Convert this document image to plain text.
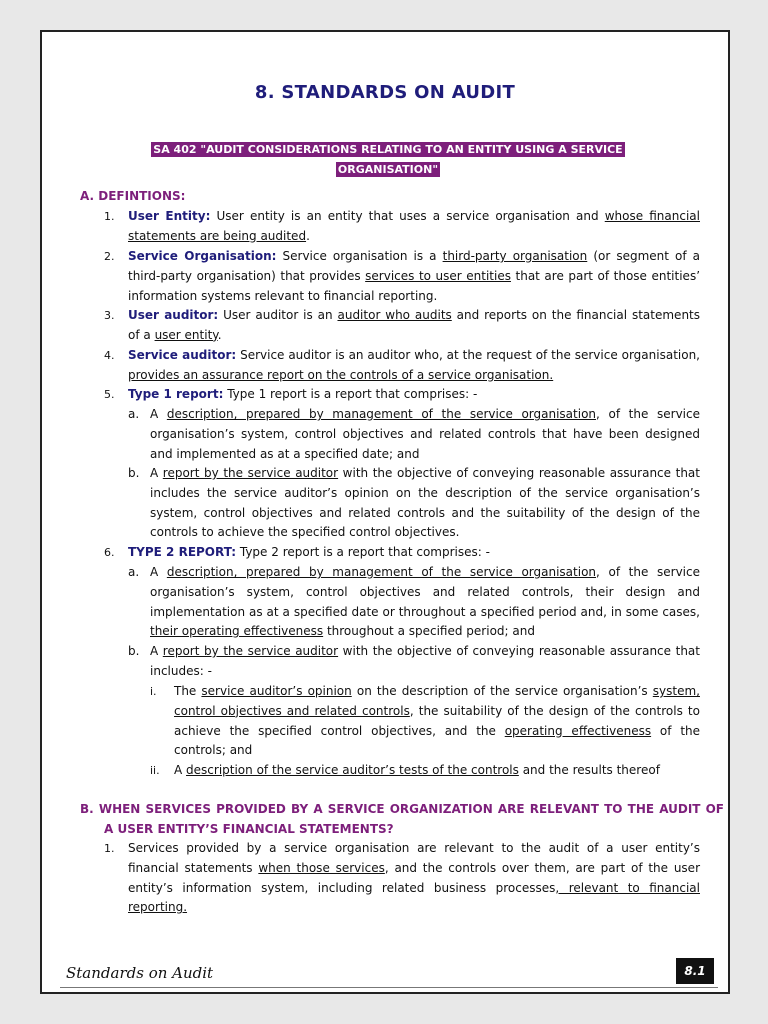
8. STANDARDS ON AUDIT
SA 402 "AUDIT CONSIDERATIONS RELATING TO AN ENTITY USING A SERVICE ORGANISATION"
A. DEFINTIONS:
1. User Entity: User entity is an entity that uses a service organisation and whose financial statements are being audited.
2. Service Organisation: Service organisation is a third-party organisation (or segment of a third-party organisation) that provides services to user entities that are part of those entities’ information systems relevant to financial reporting.
3. User auditor: User auditor is an auditor who audits and reports on the financial statements of a user entity.
4. Service auditor: Service auditor is an auditor who, at the request of the service organisation, provides an assurance report on the controls of a service organisation.
5. Type 1 report: Type 1 report is a report that comprises: -
a. A description, prepared by management of the service organisation, of the service organisation’s system, control objectives and related controls that have been designed and implemented as at a specified date; and
b. A report by the service auditor with the objective of conveying reasonable assurance that includes the service auditor’s opinion on the description of the service organisation’s system, control objectives and related controls and the suitability of the design of the controls to achieve the specified control objectives.
6. TYPE 2 REPORT: Type 2 report is a report that comprises: -
a. A description, prepared by management of the service organisation, of the service organisation’s system, control objectives and related controls, their design and implementation as at a specified date or throughout a specified period and, in some cases, their operating effectiveness throughout a specified period; and
b. A report by the service auditor with the objective of conveying reasonable assurance that includes: -
i. The service auditor’s opinion on the description of the service organisation’s system, control objectives and related controls, the suitability of the design of the controls to achieve the specified control objectives, and the operating effectiveness of the controls; and
ii. A description of the service auditor’s tests of the controls and the results thereof
B. WHEN SERVICES PROVIDED BY A SERVICE ORGANIZATION ARE RELEVANT TO THE AUDIT OF A USER ENTITY’S FINANCIAL STATEMENTS?
1. Services provided by a service organisation are relevant to the audit of a user entity’s financial statements when those services, and the controls over them, are part of the user entity’s information system, including related business processes, relevant to financial reporting.
Standards on Audit	8.1
